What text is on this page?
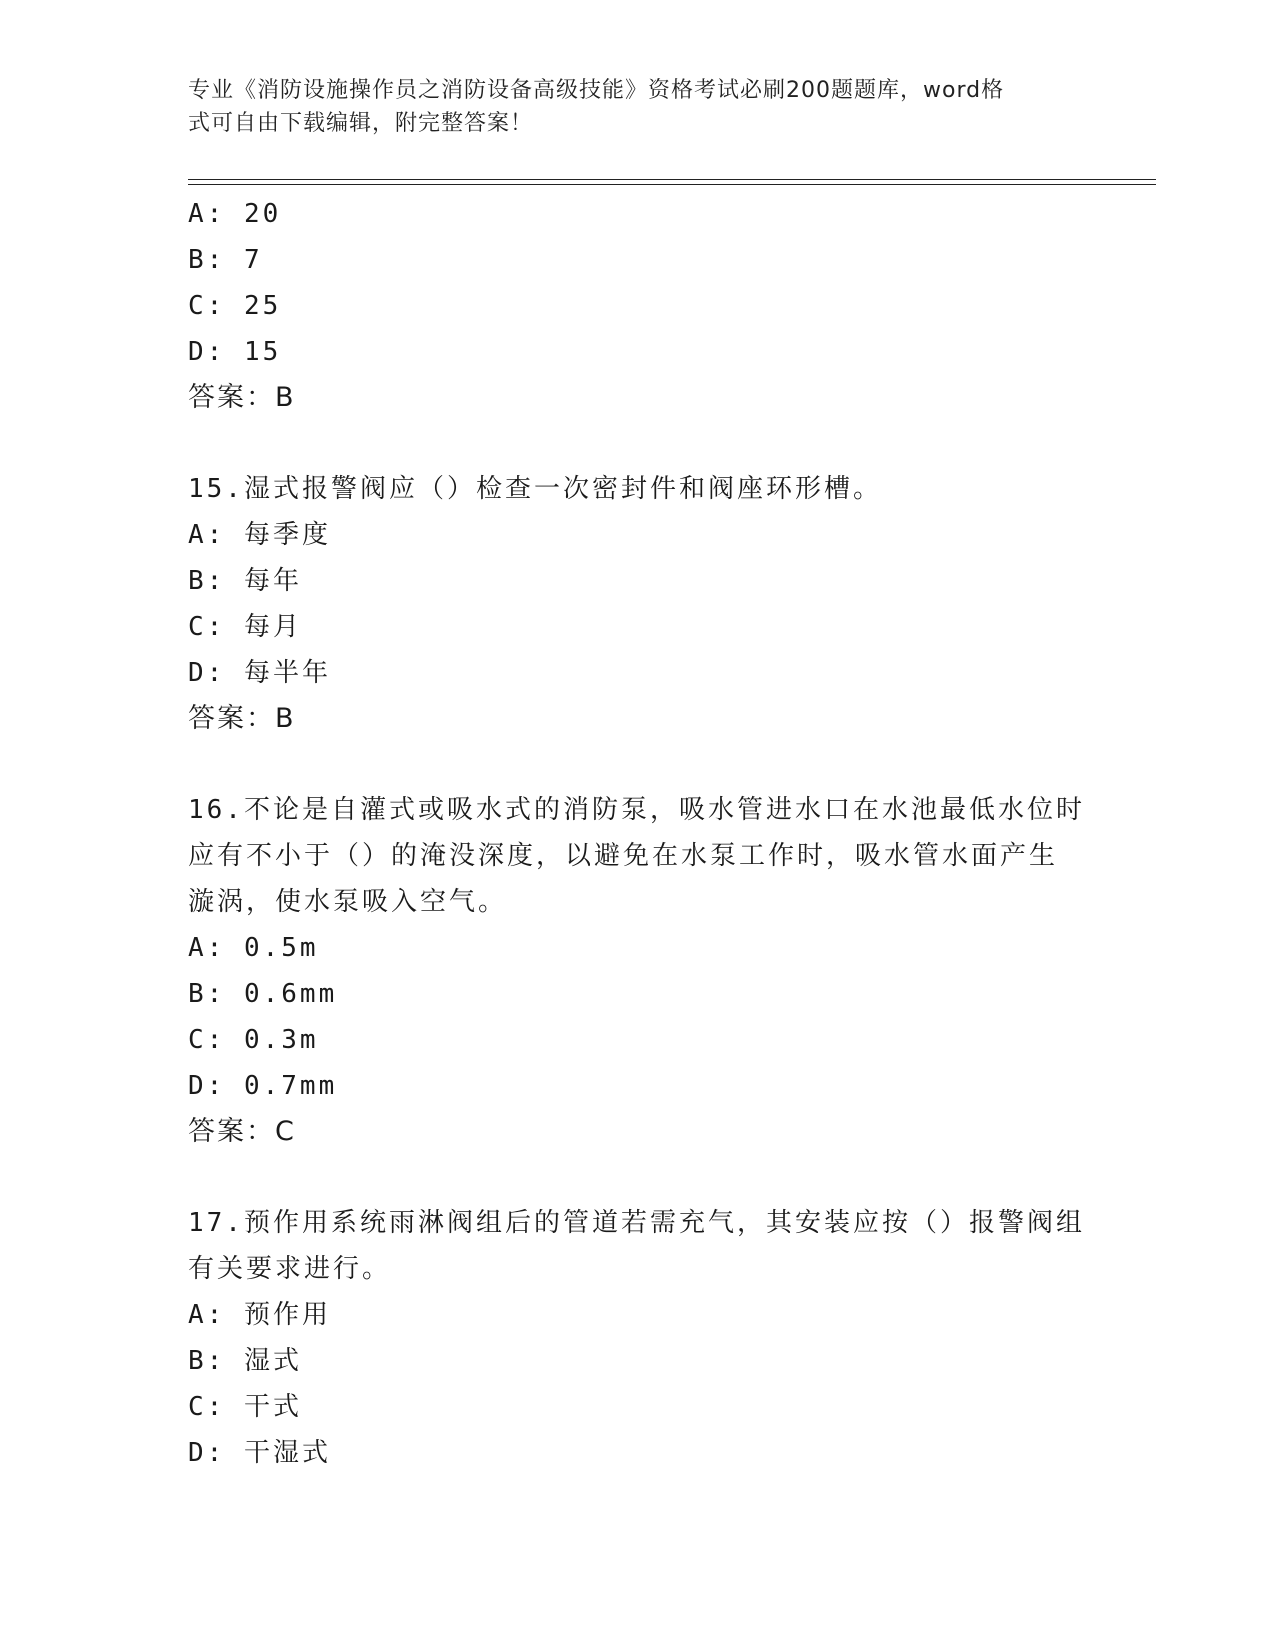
专业《消防设施操作员之消防设备高级技能》资格考试必刷200题题库，word格
式可自由下载编辑，附完整答案！
A: 20
B: 7
C: 25
D: 15
答案：B
15.湿式报警阀应（）检查一次密封件和阀座环形槽。
A: 每季度
B: 每年
C: 每月
D: 每半年
答案：B
16.不论是自灌式或吸水式的消防泵，吸水管进水口在水池最低水位时
应有不小于（）的淹没深度，以避免在水泵工作时，吸水管水面产生
漩涡，使水泵吸入空气。
A: 0.5m
B: 0.6mm
C: 0.3m
D: 0.7mm
答案：C
17.预作用系统雨淋阀组后的管道若需充气，其安装应按（）报警阀组
有关要求进行。
A: 预作用
B: 湿式
C: 干式
D: 干湿式
